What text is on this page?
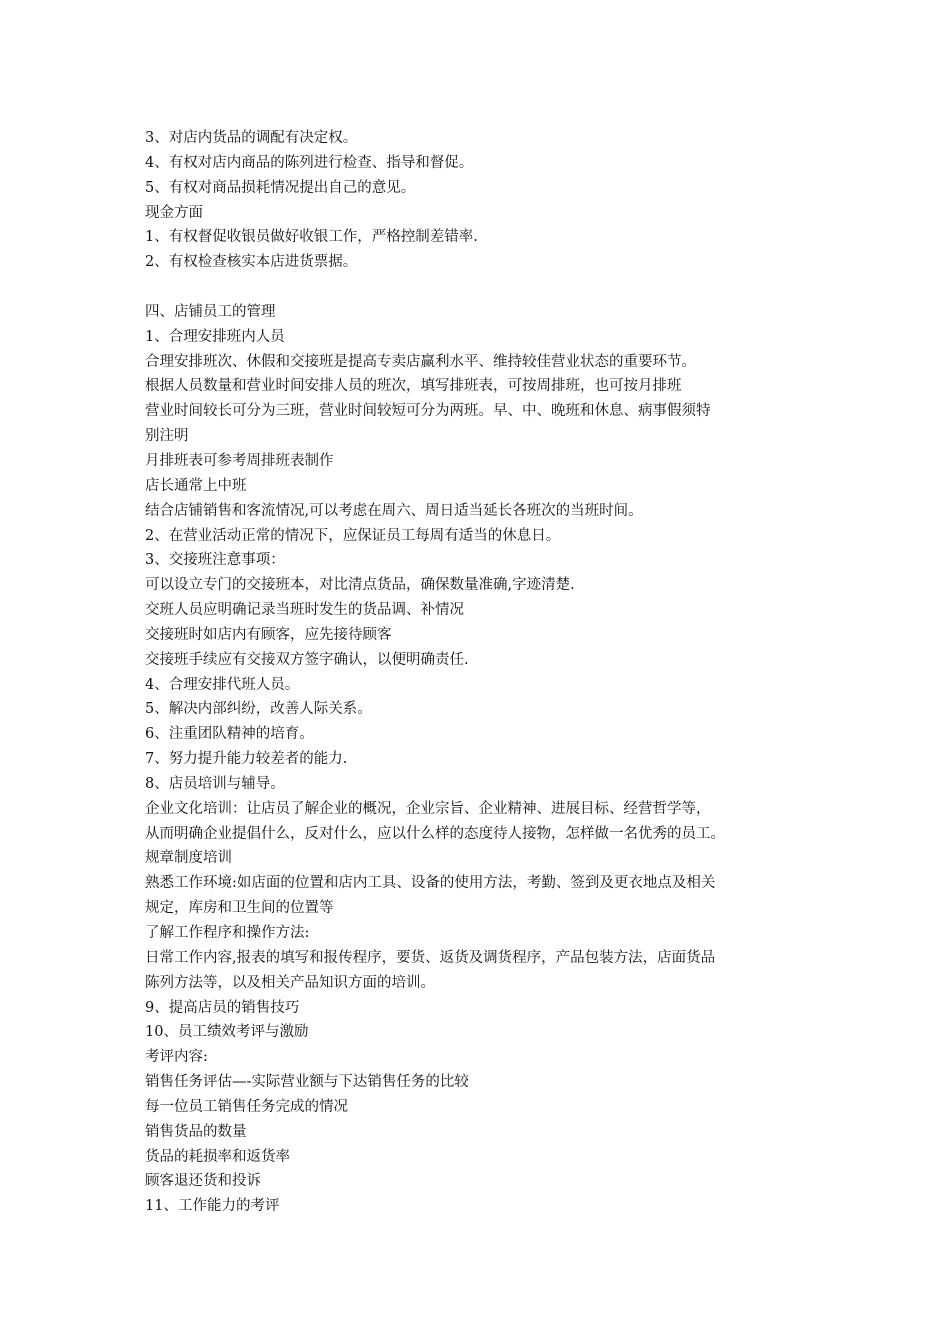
3、对店内货品的调配有决定权。

4、有权对店内商品的陈列进行检查、指导和督促。

5、有权对商品损耗情况提出自己的意见。

现金方面

1、有权督促收银员做好收银工作，严格控制差错率.

2、有权检查核实本店进货票据。

四、店铺员工的管理

1、合理安排班内人员

合理安排班次、休假和交接班是提高专卖店赢利水平、维持较佳营业状态的重要环节。

根据人员数量和营业时间安排人员的班次，填写排班表，可按周排班，也可按月排班

营业时间较长可分为三班，营业时间较短可分为两班。早、中、晚班和休息、病事假须特

别注明

月排班表可参考周排班表制作

店长通常上中班

结合店铺销售和客流情况,可以考虑在周六、周日适当延长各班次的当班时间。

2、在营业活动正常的情况下，应保证员工每周有适当的休息日。

3、交接班注意事项：

可以设立专门的交接班本，对比清点货品，确保数量准确,字迹清楚.

交班人员应明确记录当班时发生的货品调、补情况

交接班时如店内有顾客，应先接待顾客

交接班手续应有交接双方签字确认，以便明确责任.

4、合理安排代班人员。

5、解决内部纠纷，改善人际关系。

6、注重团队精神的培育。

7、努力提升能力较差者的能力.

8、店员培训与辅导。

企业文化培训：让店员了解企业的概况，企业宗旨、企业精神、进展目标、经营哲学等，

从而明确企业提倡什么，反对什么，应以什么样的态度待人接物，怎样做一名优秀的员工。

规章制度培训

熟悉工作环境:如店面的位置和店内工具、设备的使用方法，考勤、签到及更衣地点及相关

规定，库房和卫生间的位置等

了解工作程序和操作方法:

日常工作内容,报表的填写和报传程序，要货、返货及调货程序，产品包装方法，店面货品

陈列方法等，以及相关产品知识方面的培训。

9、提高店员的销售技巧

10、员工绩效考评与激励

考评内容:

销售任务评估—-实际营业额与下达销售任务的比较

每一位员工销售任务完成的情况

销售货品的数量

货品的耗损率和返货率

顾客退还货和投诉

11、工作能力的考评
